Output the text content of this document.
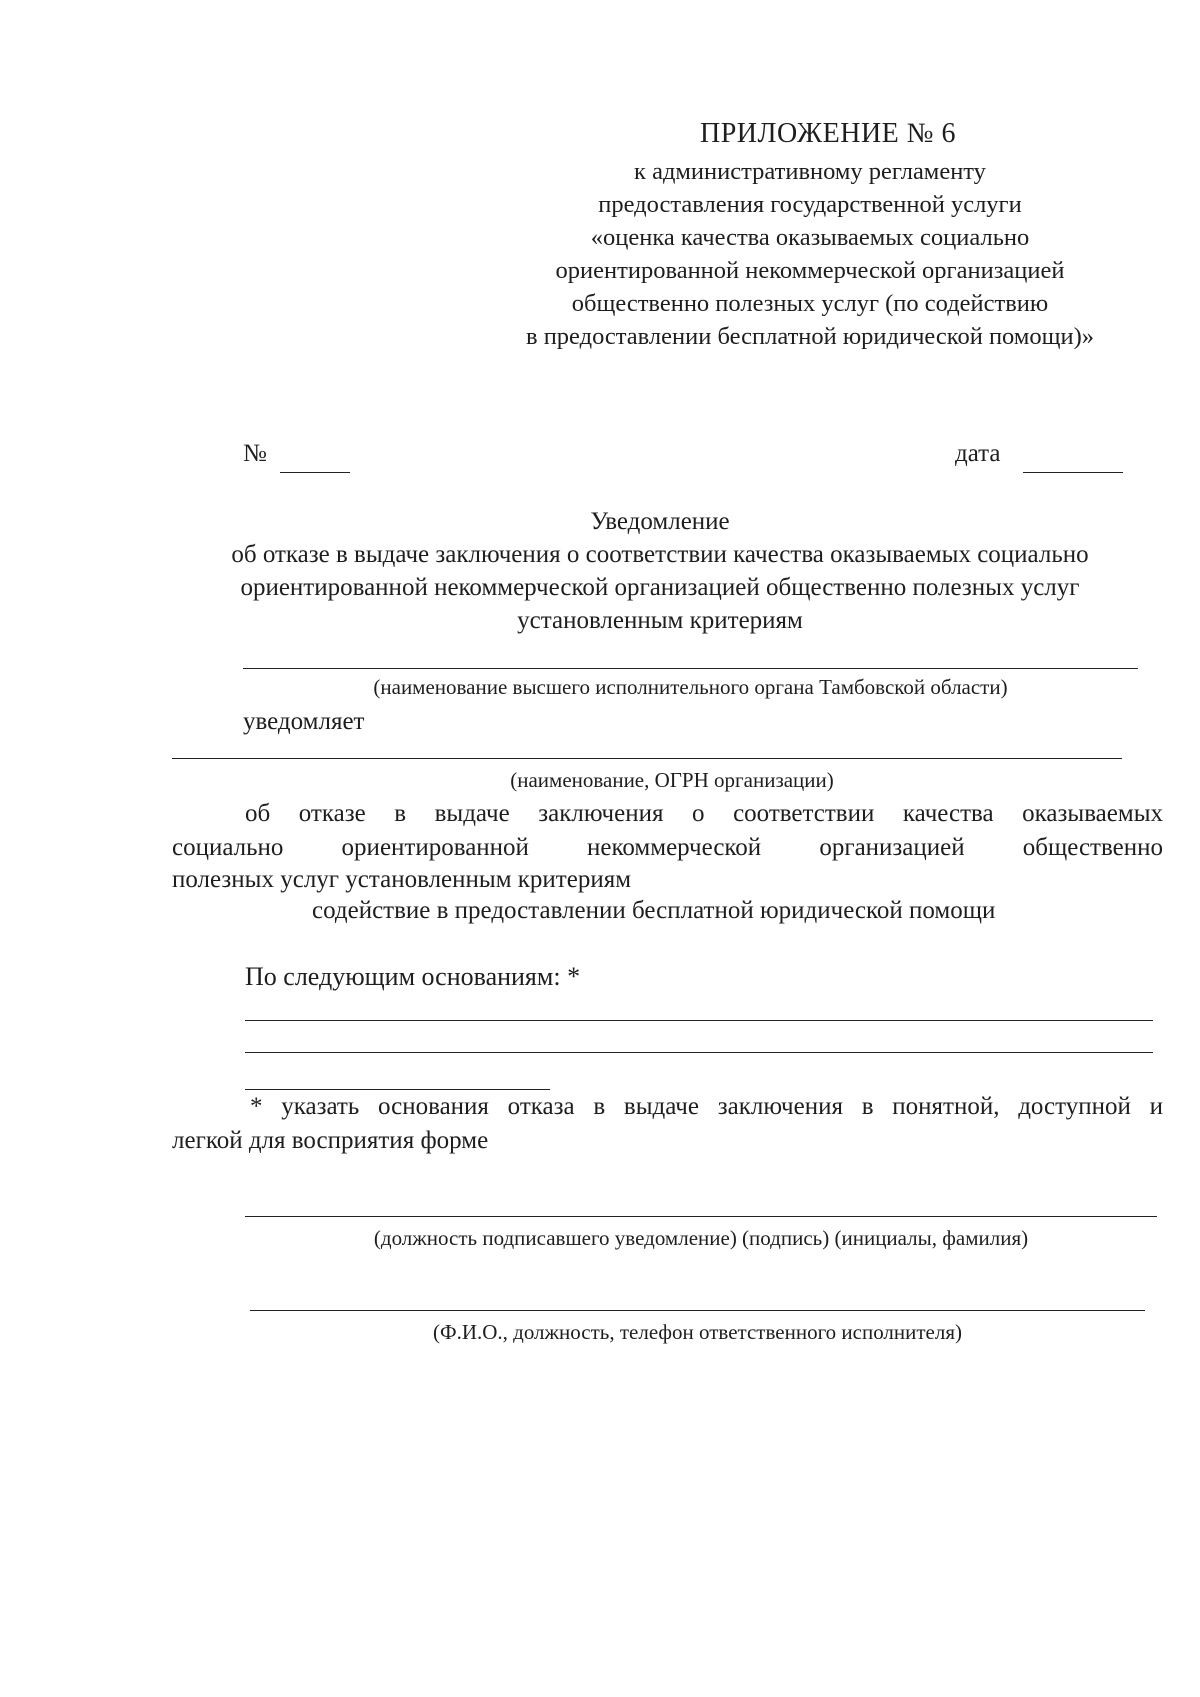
ПРИЛОЖЕНИЕ № 6
к административному регламенту
предоставления государственной услуги
«оценка качества оказываемых социально
ориентированной некоммерческой организацией
общественно полезных услуг (по содействию
в предоставлении бесплатной юридической помощи)»
№	дата
Уведомление
об отказе в выдаче заключения о соответствии качества оказываемых социально
ориентированной некоммерческой организацией общественно полезных услуг
установленным критериям
(наименование высшего исполнительного органа Тамбовской области)
уведомляет
(наименование, ОГРН организации)
об отказе в выдаче заключения о соответствии качества оказываемых
социально ориентированной некоммерческой организацией общественно
полезных услуг установленным критериям
содействие в предоставлении бесплатной юридической помощи
По следующим основаниям: *
* указать основания отказа в выдаче заключения в понятной, доступной и
легкой для восприятия форме
(должность подписавшего уведомление) (подпись) (инициалы, фамилия)
(Ф.И.О., должность, телефон ответственного исполнителя)
